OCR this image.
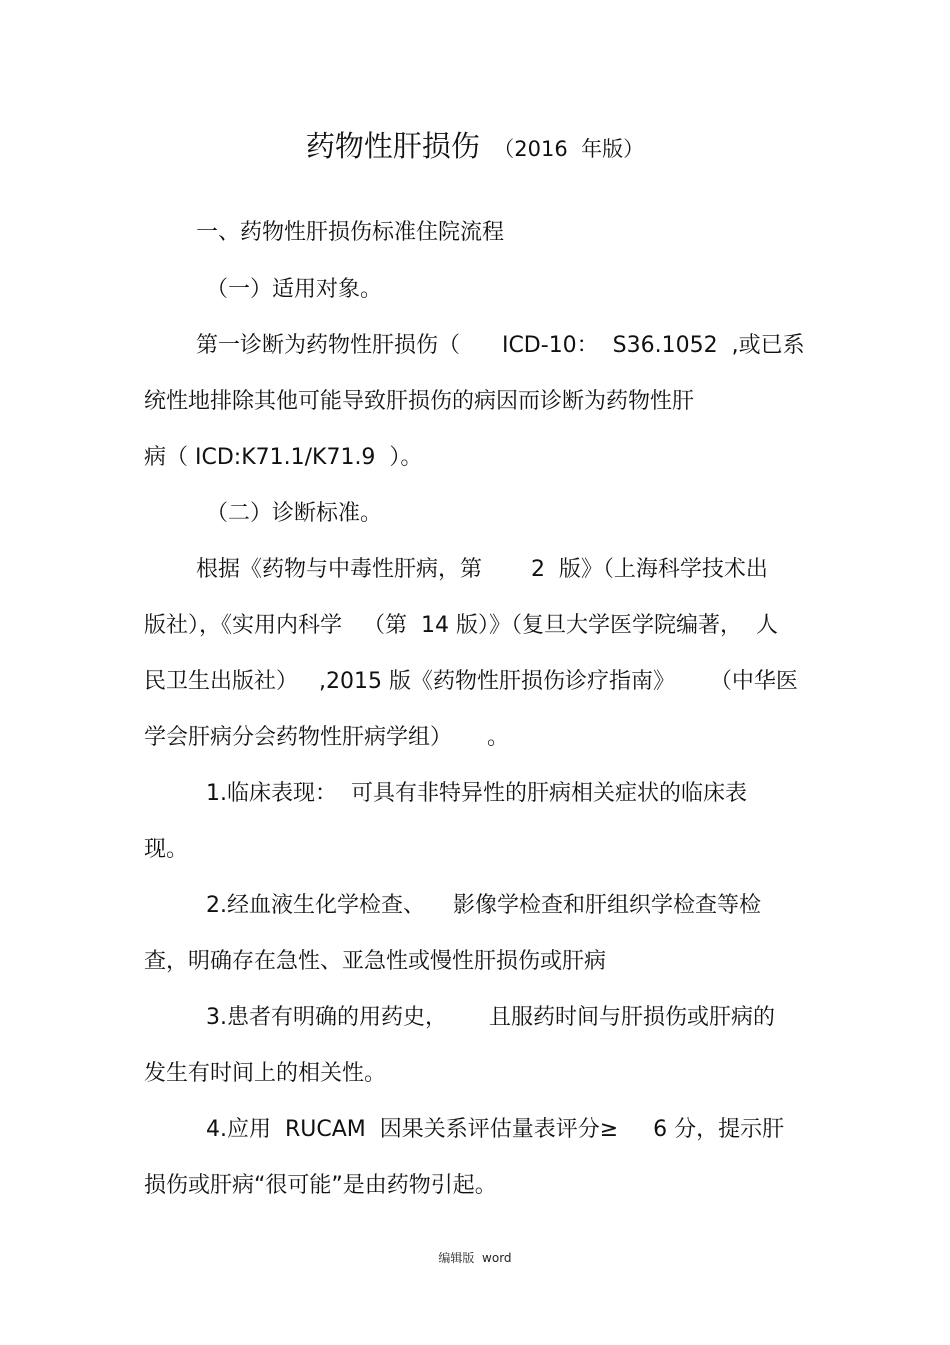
药物性肝损伤  （2016  年版）
一、药物性肝损伤标准住院流程
（一）适用对象。
第一诊断为药物性肝损伤（      ICD-10：  S36.1052  ,或已系
统性地排除其他可能导致肝损伤的病因而诊断为药物性肝
病（ ICD:K71.1/K71.9  ）。
（二）诊断标准。
根据《药物与中毒性肝病，第       2  版》（上海科学技术出
版社），《实用内科学   （第  14 版）》（复旦大学医学院编著，  人
民卫生出版社）   ,2015 版《药物性肝损伤诊疗指南》     （中华医
学会肝病分会药物性肝病学组）     。
1.临床表现：  可具有非特异性的肝病相关症状的临床表
现。
2.经血液生化学检查、    影像学检查和肝组织学检查等检
查，明确存在急性、亚急性或慢性肝损伤或肝病
3.患者有明确的用药史，      且服药时间与肝损伤或肝病的
发生有时间上的相关性。
4.应用  RUCAM  因果关系评估量表评分≥     6 分，提示肝
损伤或肝病“很可能”是由药物引起。
编辑版  word
